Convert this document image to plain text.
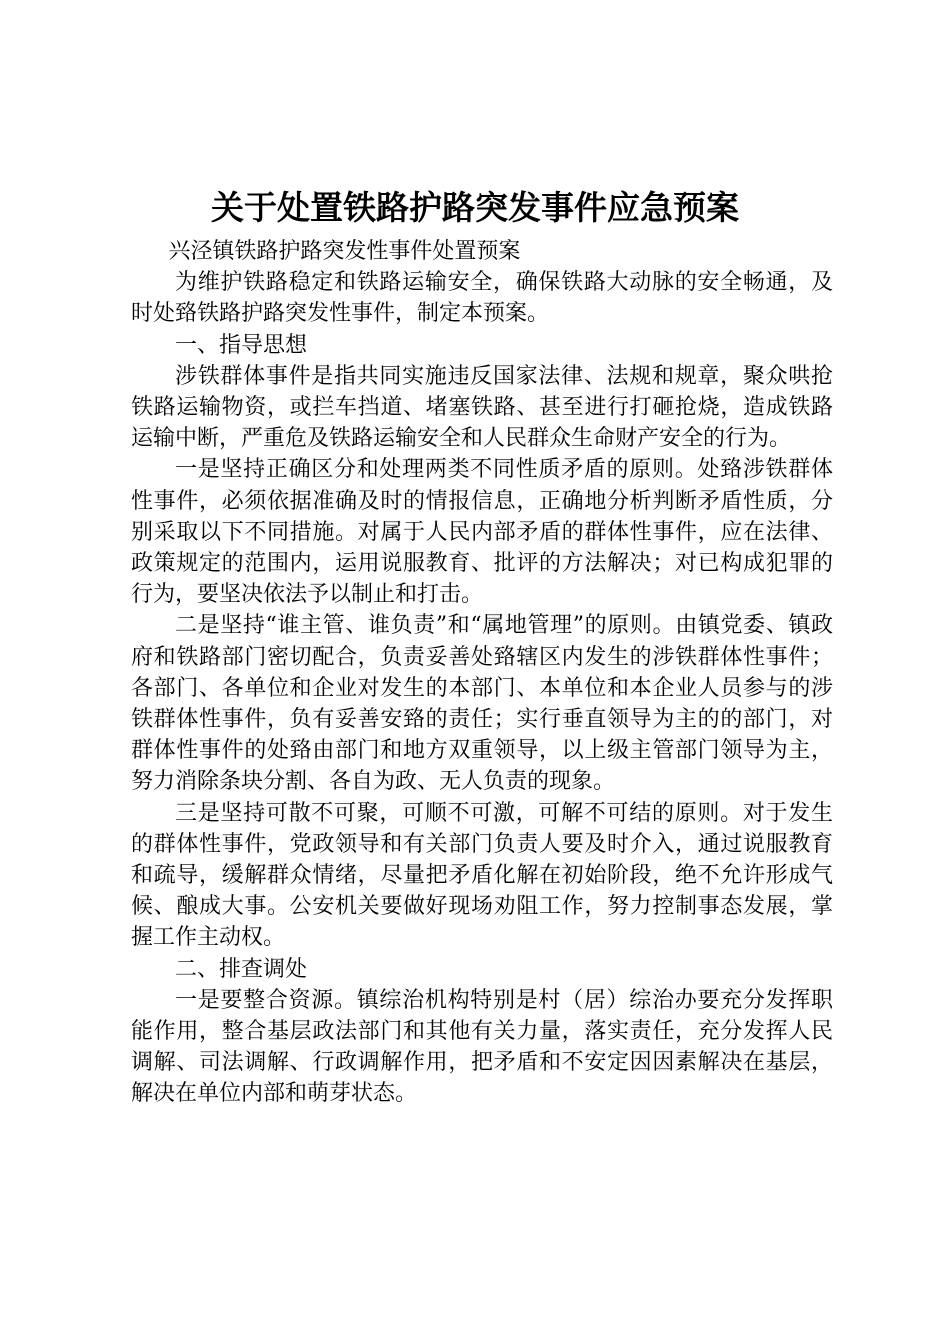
关于处置铁路护路突发事件应急预案

兴泾镇铁路护路突发性事件处置预案

为维护铁路稳定和铁路运输安全，确保铁路大动脉的安全畅通，及时处臵铁路护路突发性事件，制定本预案。

一、指导思想

涉铁群体事件是指共同实施违反国家法律、法规和规章，聚众哄抢铁路运输物资，或拦车挡道、堵塞铁路、甚至进行打砸抢烧，造成铁路运输中断，严重危及铁路运输安全和人民群众生命财产安全的行为。

一是坚持正确区分和处理两类不同性质矛盾的原则。处臵涉铁群体性事件，必须依据准确及时的情报信息，正确地分析判断矛盾性质，分别采取以下不同措施。对属于人民内部矛盾的群体性事件，应在法律、政策规定的范围内，运用说服教育、批评的方法解决；对已构成犯罪的行为，要坚决依法予以制止和打击。

二是坚持“谁主管、谁负责”和“属地管理”的原则。由镇党委、镇政府和铁路部门密切配合，负责妥善处臵辖区内发生的涉铁群体性事件；各部门、各单位和企业对发生的本部门、本单位和本企业人员参与的涉铁群体性事件，负有妥善安臵的责任；实行垂直领导为主的的部门，对群体性事件的处臵由部门和地方双重领导，以上级主管部门领导为主，努力消除条块分割、各自为政、无人负责的现象。

三是坚持可散不可聚，可顺不可激，可解不可结的原则。对于发生的群体性事件，党政领导和有关部门负责人要及时介入，通过说服教育和疏导，缓解群众情绪，尽量把矛盾化解在初始阶段，绝不允许形成气候、酿成大事。公安机关要做好现场劝阻工作，努力控制事态发展，掌握工作主动权。

二、排查调处

一是要整合资源。镇综治机构特别是村（居）综治办要充分发挥职能作用，整合基层政法部门和其他有关力量，落实责任，充分发挥人民调解、司法调解、行政调解作用，把矛盾和不安定因因素解决在基层，解决在单位内部和萌芽状态。
